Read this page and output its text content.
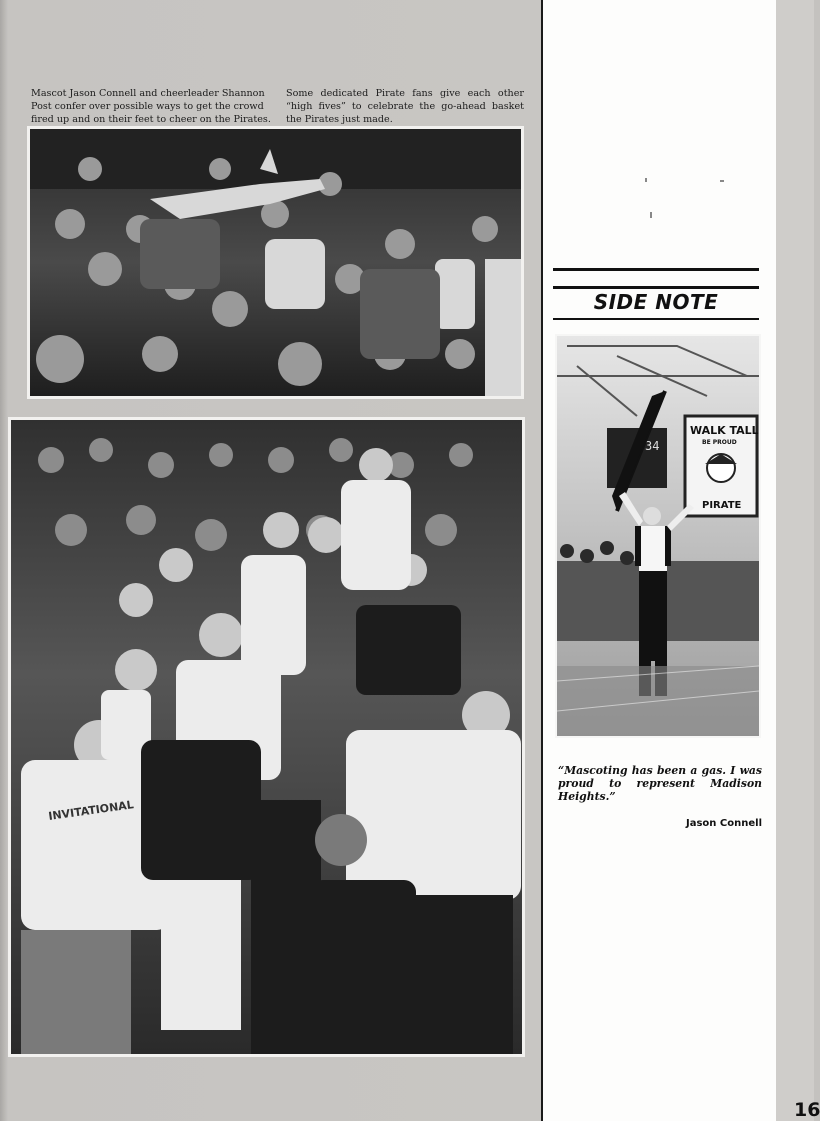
Mascot Jason Connell and cheerleader Shannon Post confer over possible ways to get the crowd fired up and on their feet to cheer on the Pirates.

Some dedicated Pirate fans give each other “high fives” to celebrate the go-ahead basket the Pirates just made.

INVITATIONAL
SIDE NOTE
34
WALK TALL
BE PROUD
PIRATE

“Mascoting has been a gas. I was proud to represent Madison Heights.”

Jason Connell
16
